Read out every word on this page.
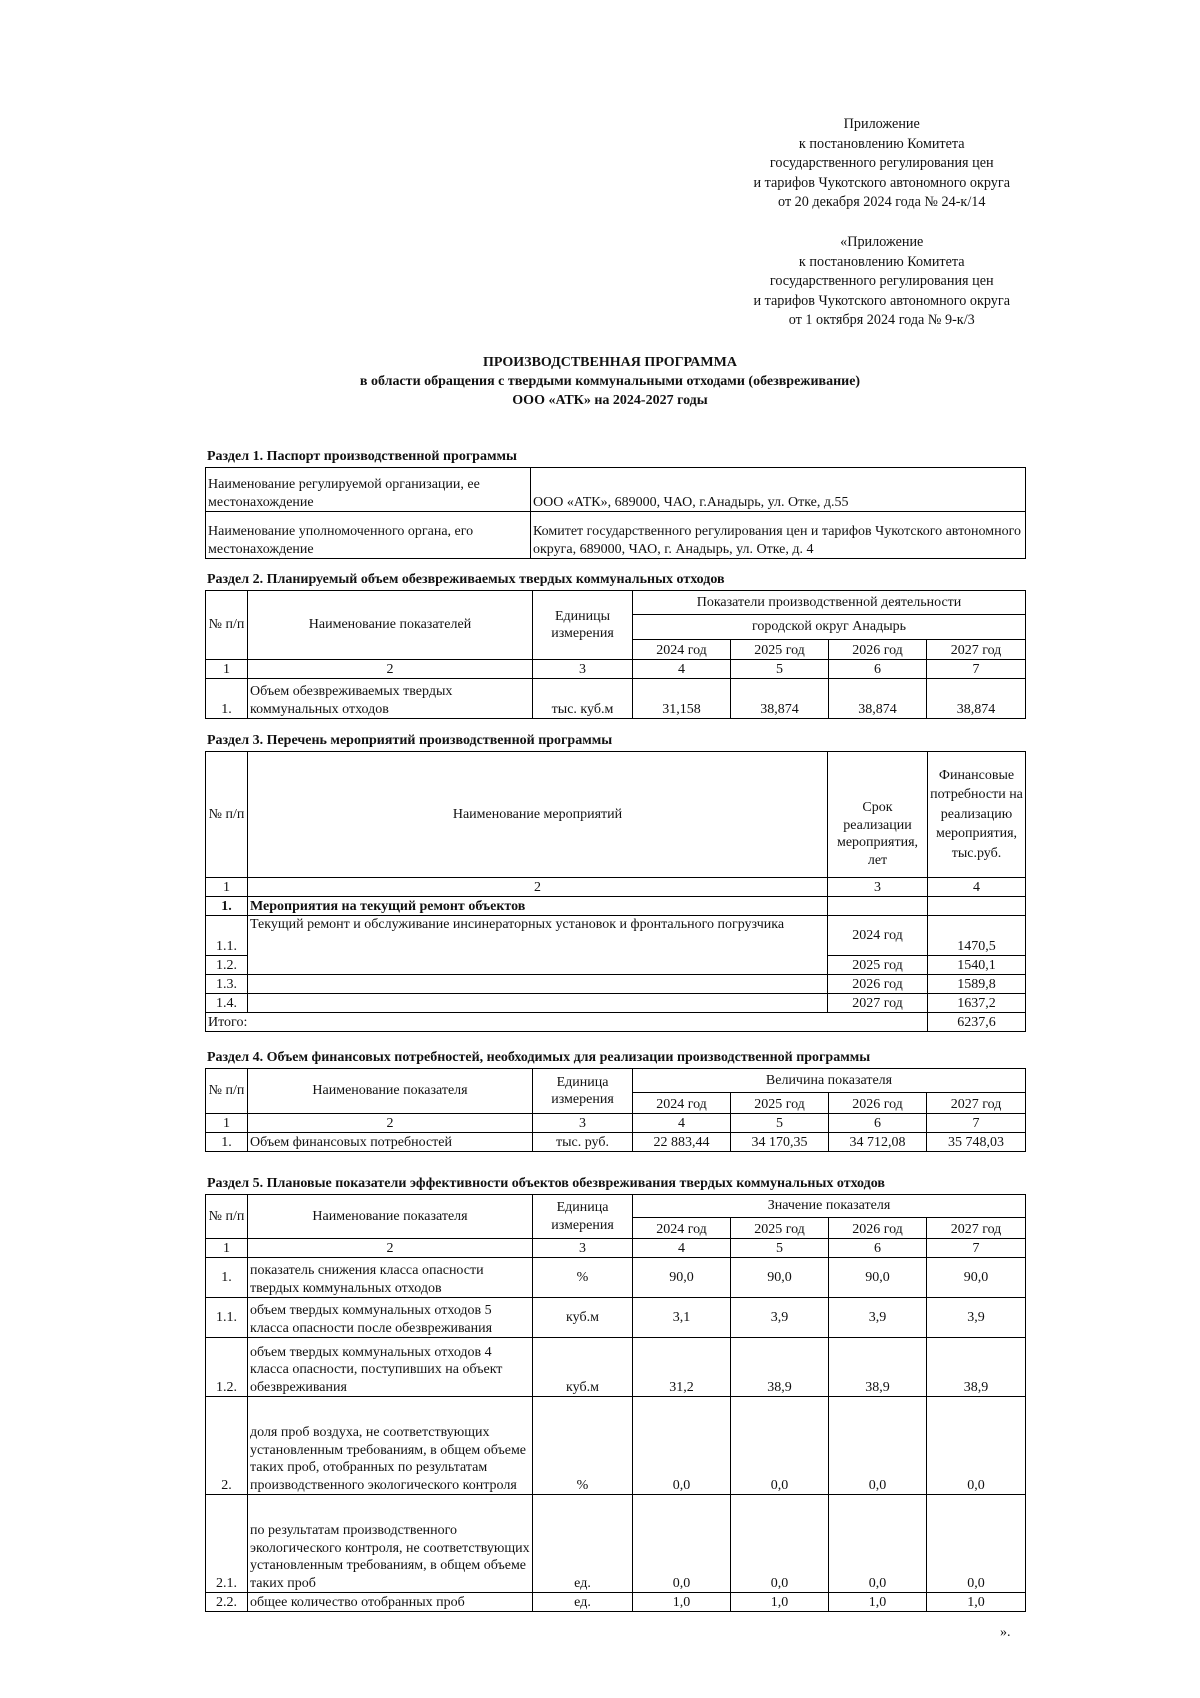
Приложение
к постановлению Комитета
государственного регулирования цен
и тарифов Чукотского автономного округа
от 20 декабря 2024 года № 24-к/14
«Приложение
к постановлению Комитета
государственного регулирования цен
и тарифов Чукотского автономного округа
от 1 октября 2024 года № 9-к/3
ПРОИЗВОДСТВЕННАЯ ПРОГРАММА
в области обращения с твердыми коммунальными отходами (обезвреживание)
ООО «АТК» на 2024-2027 годы
Раздел 1. Паспорт производственной программы
Наименование регулируемой организации, ее местонахождение	ООО «АТК», 689000, ЧАО, г.Анадырь, ул. Отке, д.55
Наименование уполномоченного органа, его местонахождение	Комитет государственного регулирования цен и тарифов Чукотского автономного округа, 689000, ЧАО, г. Анадырь, ул. Отке, д. 4
Раздел 2. Планируемый объем обезвреживаемых твердых коммунальных отходов
№ п/п	Наименование показателей	Единицы измерения	Показатели производственной деятельности			
			городской округ Анадырь			
			2024 год	2025 год	2026 год	2027 год
1	2	3	4	5	6	7
1.	Объем обезвреживаемых твердых коммунальных отходов	тыс. куб.м	31,158	38,874	38,874	38,874
Раздел 3. Перечень мероприятий производственной программы
№ п/п	Наименование мероприятий	Срок реализации мероприятия, лет	Финансовые потребности на реализацию мероприятия, тыс.руб.
1	2	3	4
1.	Мероприятия на текущий ремонт объектов		
1.1.	Текущий ремонт и обслуживание инсинераторных установок и фронтального погрузчика	2024 год	1470,5
1.2.		2025 год	1540,1
1.3.		2026 год	1589,8
1.4.		2027 год	1637,2
Итого:			6237,6
Раздел 4. Объем финансовых потребностей, необходимых для реализации производственной программы
№ п/п	Наименование показателя	Единица измерения	Величина показателя			
			2024 год	2025 год	2026 год	2027 год
1	2	3	4	5	6	7
1.	Объем финансовых потребностей	тыс. руб.	22 883,44	34 170,35	34 712,08	35 748,03
Раздел 5. Плановые показатели эффективности объектов обезвреживания твердых коммунальных отходов
№ п/п	Наименование показателя	Единица измерения	Значение показателя			
			2024 год	2025 год	2026 год	2027 год
1	2	3	4	5	6	7
1.	показатель снижения класса опасности твердых коммунальных отходов	%	90,0	90,0	90,0	90,0
1.1.	объем твердых коммунальных отходов 5 класса опасности после обезвреживания	куб.м	3,1	3,9	3,9	3,9
1.2.	объем твердых коммунальных отходов 4 класса опасности, поступивших на объект обезвреживания	куб.м	31,2	38,9	38,9	38,9
2.	доля проб воздуха, не соответствующих установленным требованиям, в общем объеме таких проб, отобранных по результатам производственного экологического контроля	%	0,0	0,0	0,0	0,0
2.1.	по результатам производственного экологического контроля, не соответствующих установленным требованиям, в общем объеме таких проб	ед.	0,0	0,0	0,0	0,0
2.2.	общее количество отобранных проб	ед.	1,0	1,0	1,0	1,0
».
